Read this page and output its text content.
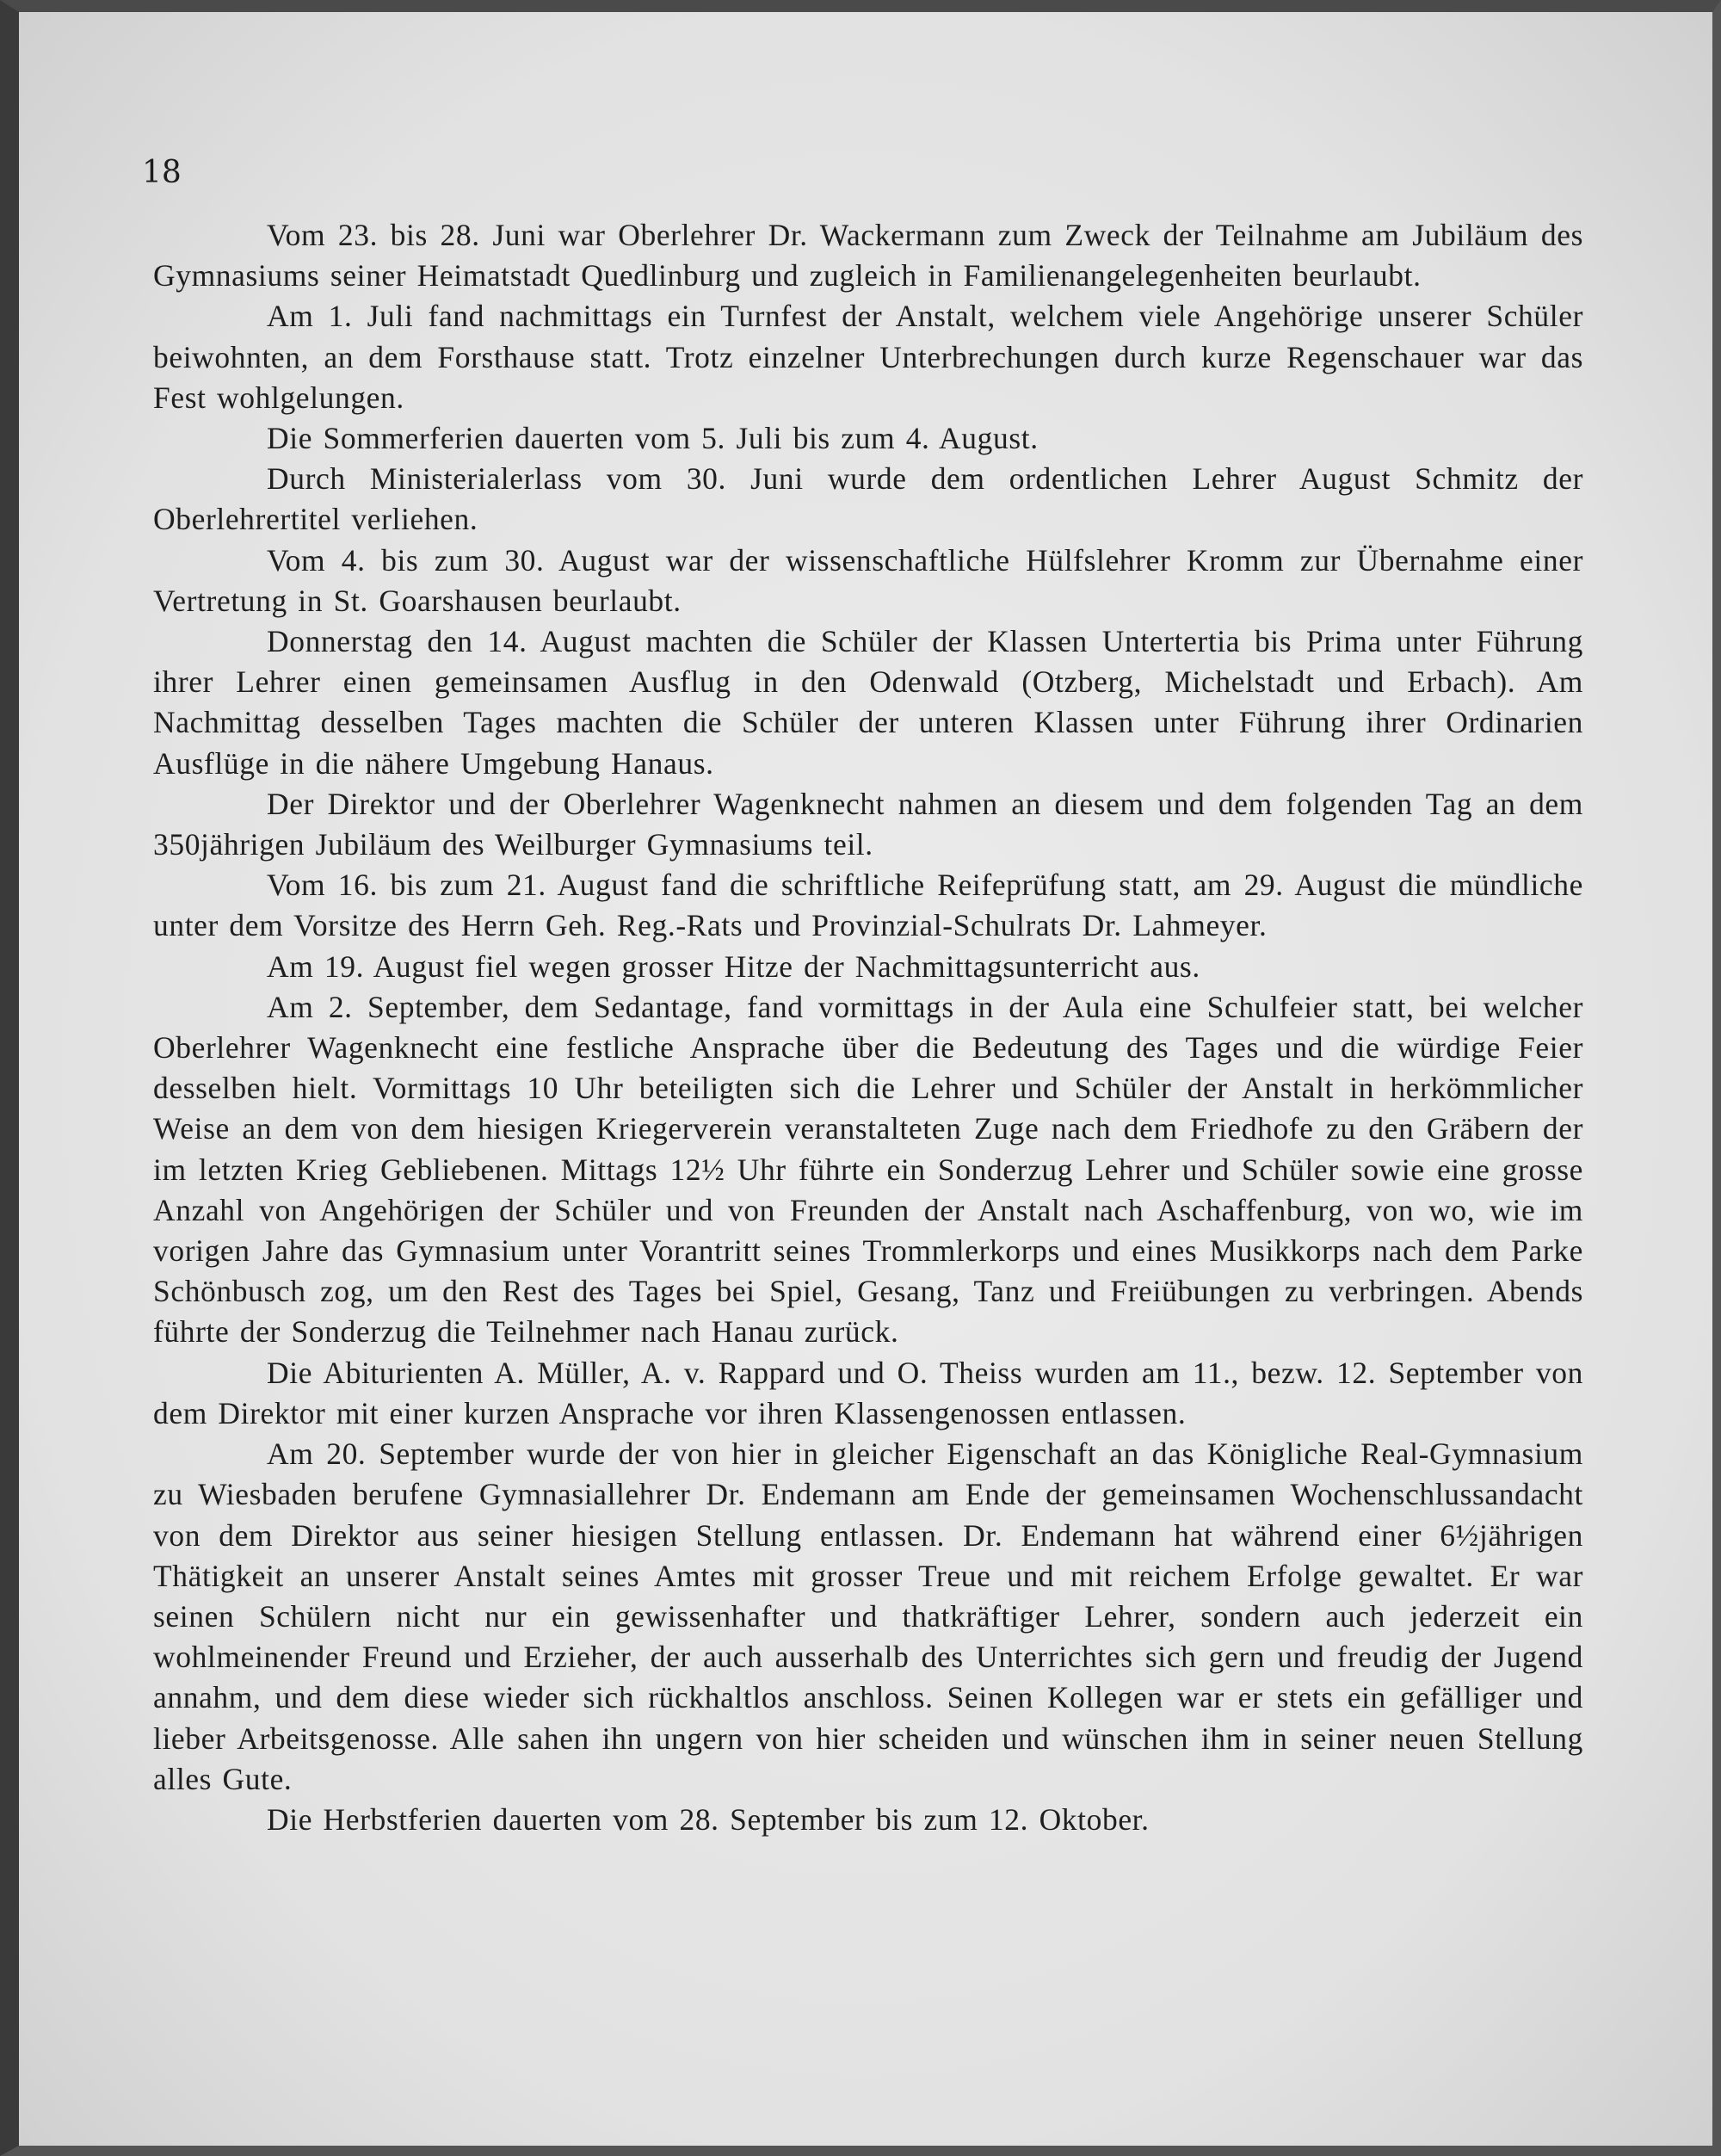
18

Vom 23. bis 28. Juni war Oberlehrer Dr. Wackermann zum Zweck der Teilnahme am Jubiläum des Gymnasiums seiner Heimatstadt Quedlinburg und zugleich in Familienangelegenheiten beurlaubt.

Am 1. Juli fand nachmittags ein Turnfest der Anstalt, welchem viele Angehörige unserer Schüler beiwohnten, an dem Forsthause statt. Trotz einzelner Unterbrechungen durch kurze Regenschauer war das Fest wohlgelungen.

Die Sommerferien dauerten vom 5. Juli bis zum 4. August.

Durch Ministerialerlass vom 30. Juni wurde dem ordentlichen Lehrer August Schmitz der Oberlehrertitel verliehen.

Vom 4. bis zum 30. August war der wissenschaftliche Hülfslehrer Kromm zur Übernahme einer Vertretung in St. Goarshausen beurlaubt.

Donnerstag den 14. August machten die Schüler der Klassen Untertertia bis Prima unter Führung ihrer Lehrer einen gemeinsamen Ausflug in den Odenwald (Otzberg, Michelstadt und Erbach). Am Nachmittag desselben Tages machten die Schüler der unteren Klassen unter Führung ihrer Ordinarien Ausflüge in die nähere Umgebung Hanaus.

Der Direktor und der Oberlehrer Wagenknecht nahmen an diesem und dem folgenden Tag an dem 350jährigen Jubiläum des Weilburger Gymnasiums teil.

Vom 16. bis zum 21. August fand die schriftliche Reifeprüfung statt, am 29. August die mündliche unter dem Vorsitze des Herrn Geh. Reg.-Rats und Provinzial-Schulrats Dr. Lahmeyer.

Am 19. August fiel wegen grosser Hitze der Nachmittagsunterricht aus.

Am 2. September, dem Sedantage, fand vormittags in der Aula eine Schulfeier statt, bei welcher Oberlehrer Wagenknecht eine festliche Ansprache über die Bedeutung des Tages und die würdige Feier desselben hielt. Vormittags 10 Uhr beteiligten sich die Lehrer und Schüler der Anstalt in herkömmlicher Weise an dem von dem hiesigen Kriegerverein veranstalteten Zuge nach dem Friedhofe zu den Gräbern der im letzten Krieg Gebliebenen. Mittags 12½ Uhr führte ein Sonderzug Lehrer und Schüler sowie eine grosse Anzahl von Angehörigen der Schüler und von Freunden der Anstalt nach Aschaffenburg, von wo, wie im vorigen Jahre das Gymnasium unter Vorantritt seines Trommlerkorps und eines Musikkorps nach dem Parke Schönbusch zog, um den Rest des Tages bei Spiel, Gesang, Tanz und Freiübungen zu verbringen. Abends führte der Sonderzug die Teilnehmer nach Hanau zurück.

Die Abiturienten A. Müller, A. v. Rappard und O. Theiss wurden am 11., bezw. 12. September von dem Direktor mit einer kurzen Ansprache vor ihren Klassengenossen entlassen.

Am 20. September wurde der von hier in gleicher Eigenschaft an das Königliche Real-Gymnasium zu Wiesbaden berufene Gymnasiallehrer Dr. Endemann am Ende der gemeinsamen Wochenschlussandacht von dem Direktor aus seiner hiesigen Stellung entlassen. Dr. Endemann hat während einer 6½jährigen Thätigkeit an unserer Anstalt seines Amtes mit grosser Treue und mit reichem Erfolge gewaltet. Er war seinen Schülern nicht nur ein gewissenhafter und thatkräftiger Lehrer, sondern auch jederzeit ein wohlmeinender Freund und Erzieher, der auch ausserhalb des Unterrichtes sich gern und freudig der Jugend annahm, und dem diese wieder sich rückhaltlos anschloss. Seinen Kollegen war er stets ein gefälliger und lieber Arbeitsgenosse. Alle sahen ihn ungern von hier scheiden und wünschen ihm in seiner neuen Stellung alles Gute.

Die Herbstferien dauerten vom 28. September bis zum 12. Oktober.
